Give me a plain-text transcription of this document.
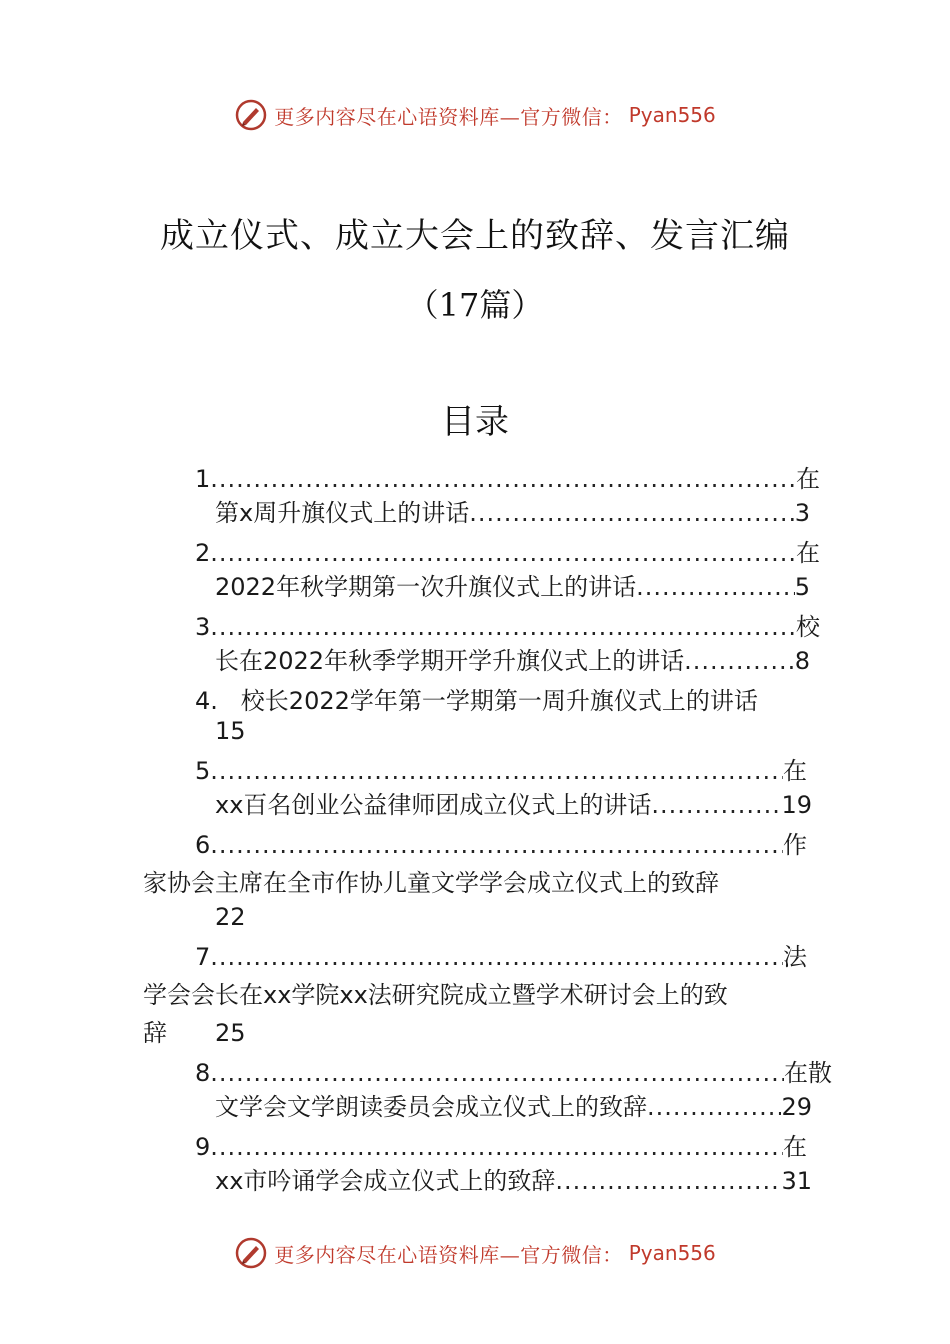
更多内容尽在心语资料库—官方微信： Pyan556
成立仪式、成立大会上的致辞、发言汇编
（17篇）
目录
1 .....	在
第x周升旗仪式上的讲话 .....	3
2 .....	在
2022年秋学期第一次升旗仪式上的讲话 .....	5
3 .....	校
长在2022年秋季学期开学升旗仪式上的讲话 .....	8
4. 校长2022学年第一学期第一周升旗仪式上的讲话
15
5 .....	在
xx百名创业公益律师团成立仪式上的讲话 .....	19
6 .....	作
家协会主席在全市作协儿童文学学会成立仪式上的致辞
22
7 .....	法
学会会长在xx学院xx法研究院成立暨学术研讨会上的致
辞 25
8 .....	在散
文学会文学朗读委员会成立仪式上的致辞 .....	29
9 .....	在
xx市吟诵学会成立仪式上的致辞 .....	31
更多内容尽在心语资料库—官方微信： Pyan556
